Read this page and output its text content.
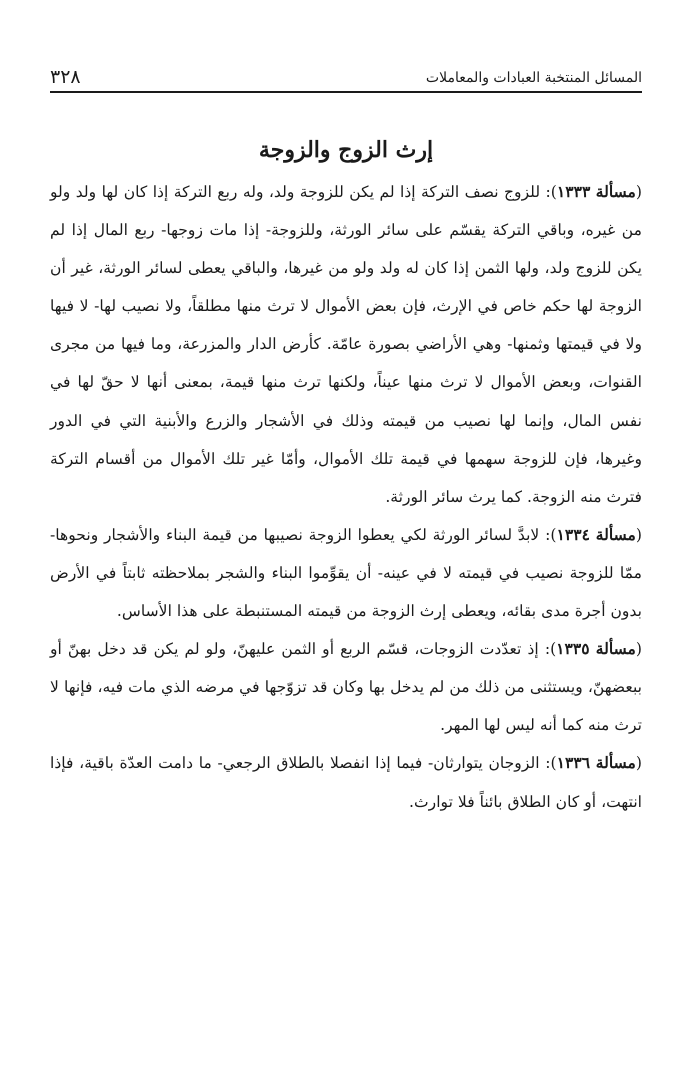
المسائل المنتخبة العبادات والمعاملات
٣٢٨
إرث الزوج والزوجة

(مسألة ١٣٣٣): للزوج نصف التركة إذا لم يكن للزوجة ولد، وله ربع التركة إذا كان لها ولد ولو من غيره، وباقي التركة يقسّم على سائر الورثة، وللزوجة- إذا مات زوجها- ربع المال إذا لم يكن للزوج ولد، ولها الثمن إذا كان له ولد ولو من غيرها، والباقي يعطى لسائر الورثة، غير أن الزوجة لها حكم خاص في الإرث، فإن بعض الأموال لا ترث منها مطلقاً، ولا نصيب لها- لا فيها ولا في قيمتها وثمنها- وهي الأراضي بصورة عامّة. كأرض الدار والمزرعة، وما فيها من مجرى القنوات، وبعض الأموال لا ترث منها عيناً، ولكنها ترث منها قيمة، بمعنى أنها لا حقّ لها في نفس المال، وإنما لها نصيب من قيمته وذلك في الأشجار والزرع والأبنية التي في الدور وغيرها، فإن للزوجة سهمها في قيمة تلك الأموال، وأمّا غير تلك الأموال من أقسام التركة فترث منه الزوجة. كما يرث سائر الورثة.

(مسألة ١٣٣٤): لابدَّ لسائر الورثة لكي يعطوا الزوجة نصيبها من قيمة البناء والأشجار ونحوها- ممّا للزوجة نصيب في قيمته لا في عينه- أن يقوِّموا البناء والشجر بملاحظته ثابتاً في الأرض بدون أجرة مدى بقائه، ويعطى إرث الزوجة من قيمته المستنبطة على هذا الأساس.

(مسألة ١٣٣٥): إذ تعدّدت الزوجات، قسّم الربع أو الثمن عليهنّ، ولو لم يكن قد دخل بهنّ أو ببعضهنّ، ويستثنى من ذلك من لم يدخل بها وكان قد تزوّجها في مرضه الذي مات فيه، فإنها لا ترث منه كما أنه ليس لها المهر.

(مسألة ١٣٣٦): الزوجان يتوارثان- فيما إذا انفصلا بالطلاق الرجعي- ما دامت العدّة باقية، فإذا انتهت، أو كان الطلاق بائناً فلا توارث.
